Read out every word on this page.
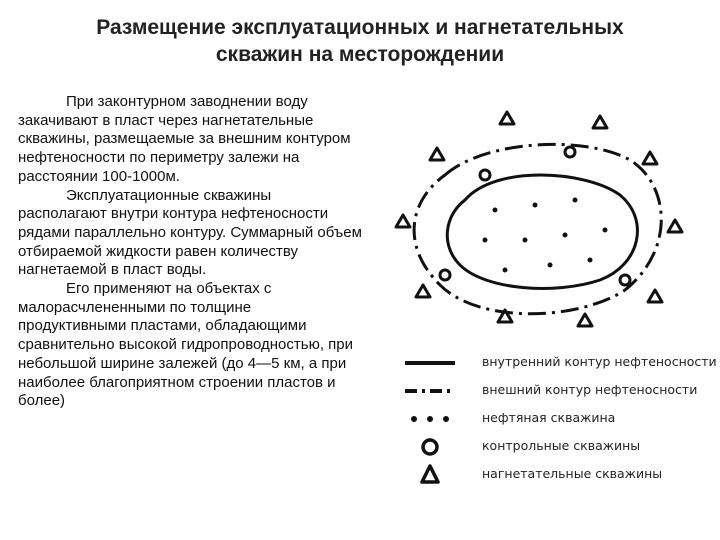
Размещение эксплуатационных и нагнетательных
скважин на месторождении

При законтурном заводнении воду закачивают в пласт через нагнетательные скважины, размещаемые за внешним контуром нефтеносности по периметру залежи на расстоянии 100-1000м.

Эксплуатационные скважины располагают внутри контура нефтеносности рядами параллельно контуру. Суммарный объем отбираемой жидкости равен количеству нагнетаемой в пласт воды.

Его применяют на объектах с малорасчлененными по толщине продуктивными пластами, обладающими сравнительно высокой гидропроводностью, при небольшой ширине залежей (до 4—5 км, а при наиболее благоприятном строении пластов и более)

внутренний контур нефтеносности
внешний контур нефтеносности
нефтяная скважина
контрольные скважины
нагнетательные скважины
